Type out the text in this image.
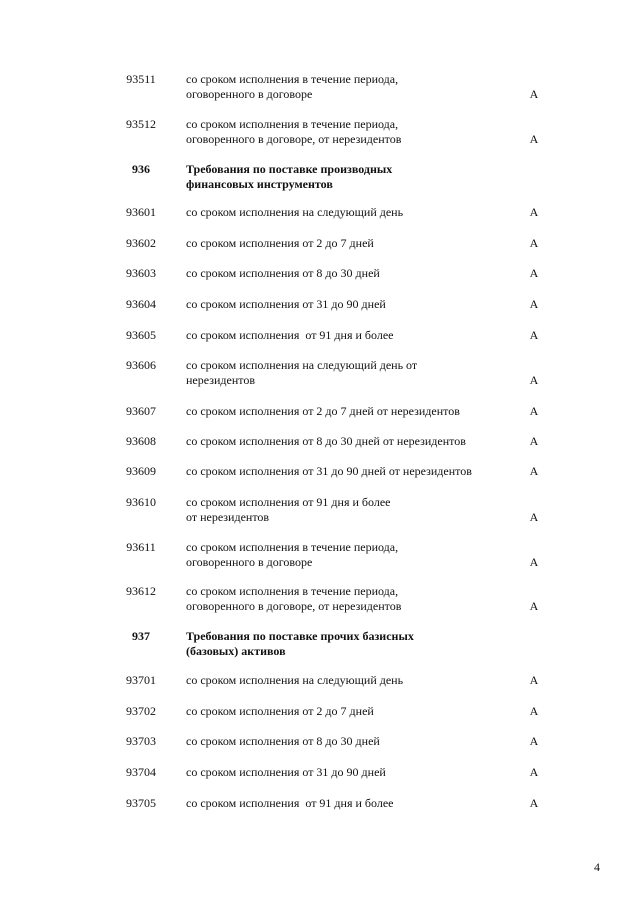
93511	со сроком исполнения в течение периода,
оговоренного в договоре	А
93512	со сроком исполнения в течение периода,
оговоренного в договоре, от нерезидентов	А
936	Требования по поставке производных
финансовых инструментов
93601	со сроком исполнения на следующий день	А
93602	со сроком исполнения от 2 до 7 дней	А
93603	со сроком исполнения от 8 до 30 дней	А
93604	со сроком исполнения от 31 до 90 дней	А
93605	со сроком исполнения  от 91 дня и более	А
93606	со сроком исполнения на следующий день от
нерезидентов	А
93607	со сроком исполнения от 2 до 7 дней от нерезидентов	А
93608	со сроком исполнения от 8 до 30 дней от нерезидентов	А
93609	со сроком исполнения от 31 до 90 дней от нерезидентов	А
93610	со сроком исполнения от 91 дня и более
от нерезидентов	А
93611	со сроком исполнения в течение периода,
оговоренного в договоре	А
93612	со сроком исполнения в течение периода,
оговоренного в договоре, от нерезидентов	А
937	Требования по поставке прочих базисных
(базовых) активов
93701	со сроком исполнения на следующий день	А
93702	со сроком исполнения от 2 до 7 дней	А
93703	со сроком исполнения от 8 до 30 дней	А
93704	со сроком исполнения от 31 до 90 дней	А
93705	со сроком исполнения  от 91 дня и более	А
4
